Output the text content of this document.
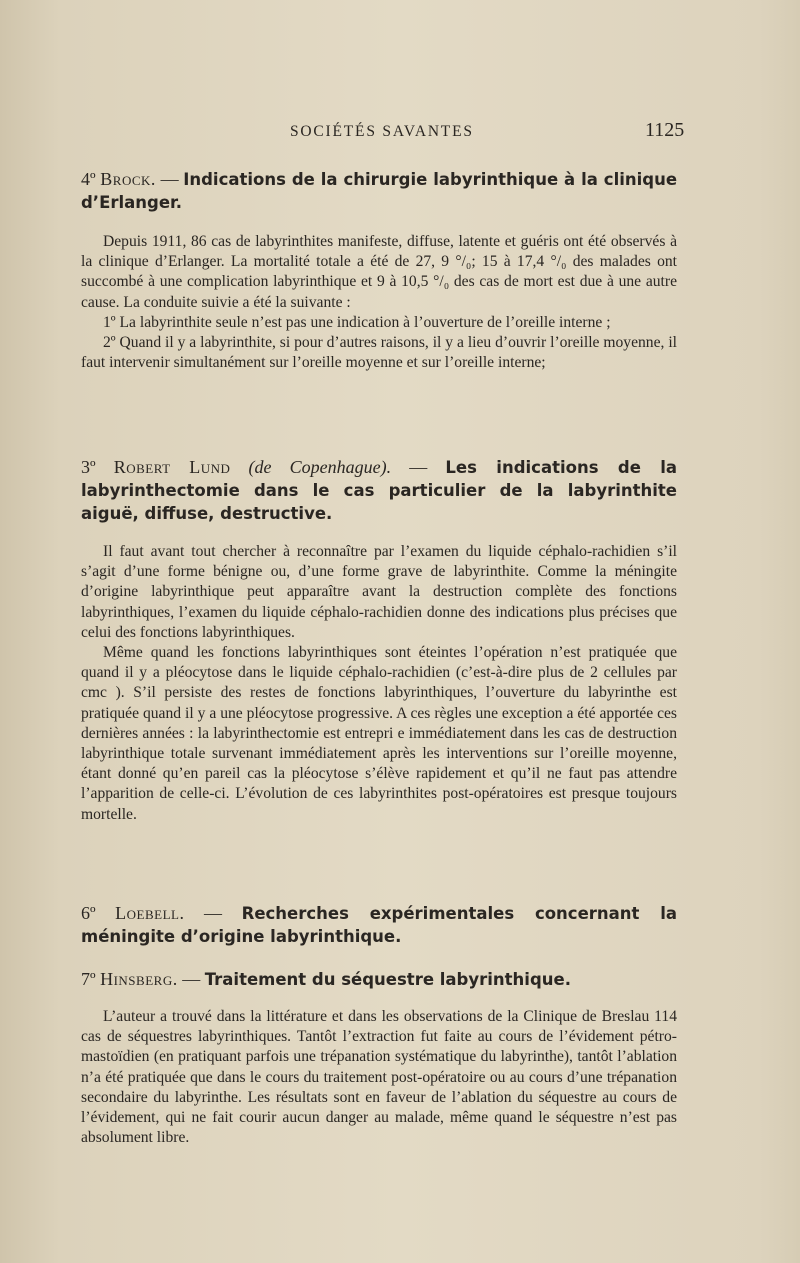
SOCIÉTÉS SAVANTES	1125
4º Brock. — Indications de la chirurgie labyrinthique à la clinique d’Erlanger.

Depuis 1911, 86 cas de labyrinthites manifeste, diffuse, latente et guéris ont été observés à la clinique d’Erlanger. La mortalité totale a été de 27, 9 °/₀; 15 à 17,4 °/₀ des malades ont succombé à une complication labyrinthique et 9 à 10,5 °/₀ des cas de mort est due à une autre cause. La conduite suivie a été la suivante :

1º La labyrinthite seule n’est pas une indication à l’ouverture de l’oreille interne ;

2º Quand il y a labyrinthite, si pour d’autres raisons, il y a lieu d’ouvrir l’oreille moyenne, il faut intervenir simultanément sur l’oreille moyenne et sur l’oreille interne;

3º Robert Lund (de Copenhague). — Les indications de la labyrinthectomie dans le cas particulier de la labyrinthite aiguë, diffuse, destructive.

Il faut avant tout chercher à reconnaître par l’examen du liquide céphalo-rachidien s’il s’agit d’une forme bénigne ou, d’une forme grave de labyrinthite. Comme la méningite d’origine labyrinthique peut apparaître avant la destruction complète des fonctions labyrinthiques, l’examen du liquide céphalo-rachidien donne des indications plus précises que celui des fonctions labyrinthiques.

Même quand les fonctions labyrinthiques sont éteintes l’opération n’est pratiquée que quand il y a pléocytose dans le liquide céphalo-rachidien (c’est-à-dire plus de 2 cellules par cmc ). S’il persiste des restes de fonctions labyrinthiques, l’ouverture du labyrinthe est pratiquée quand il y a une pléocytose progressive. A ces règles une exception a été apportée ces dernières années : la labyrinthectomie est entrepri e immédiatement dans les cas de destruction labyrinthique totale survenant immédiatement après les interventions sur l’oreille moyenne, étant donné qu’en pareil cas la pléocytose s’élève rapidement et qu’il ne faut pas attendre l’apparition de celle-ci. L’évolution de ces labyrinthites post-opératoires est presque toujours mortelle.

6º Loebell. — Recherches expérimentales concernant la méningite d’origine labyrinthique.
7º Hinsberg. — Traitement du séquestre labyrinthique.

L’auteur a trouvé dans la littérature et dans les observations de la Clinique de Breslau 114 cas de séquestres labyrinthiques. Tantôt l’extraction fut faite au cours de l’évidement pétro-mastoïdien (en pratiquant parfois une trépanation systématique du labyrinthe), tantôt l’ablation n’a été pratiquée que dans le cours du traitement post-opératoire ou au cours d’une trépanation secondaire du labyrinthe. Les résultats sont en faveur de l’ablation du séquestre au cours de l’évidement, qui ne fait courir aucun danger au malade, même quand le séquestre n’est pas absolument libre.
